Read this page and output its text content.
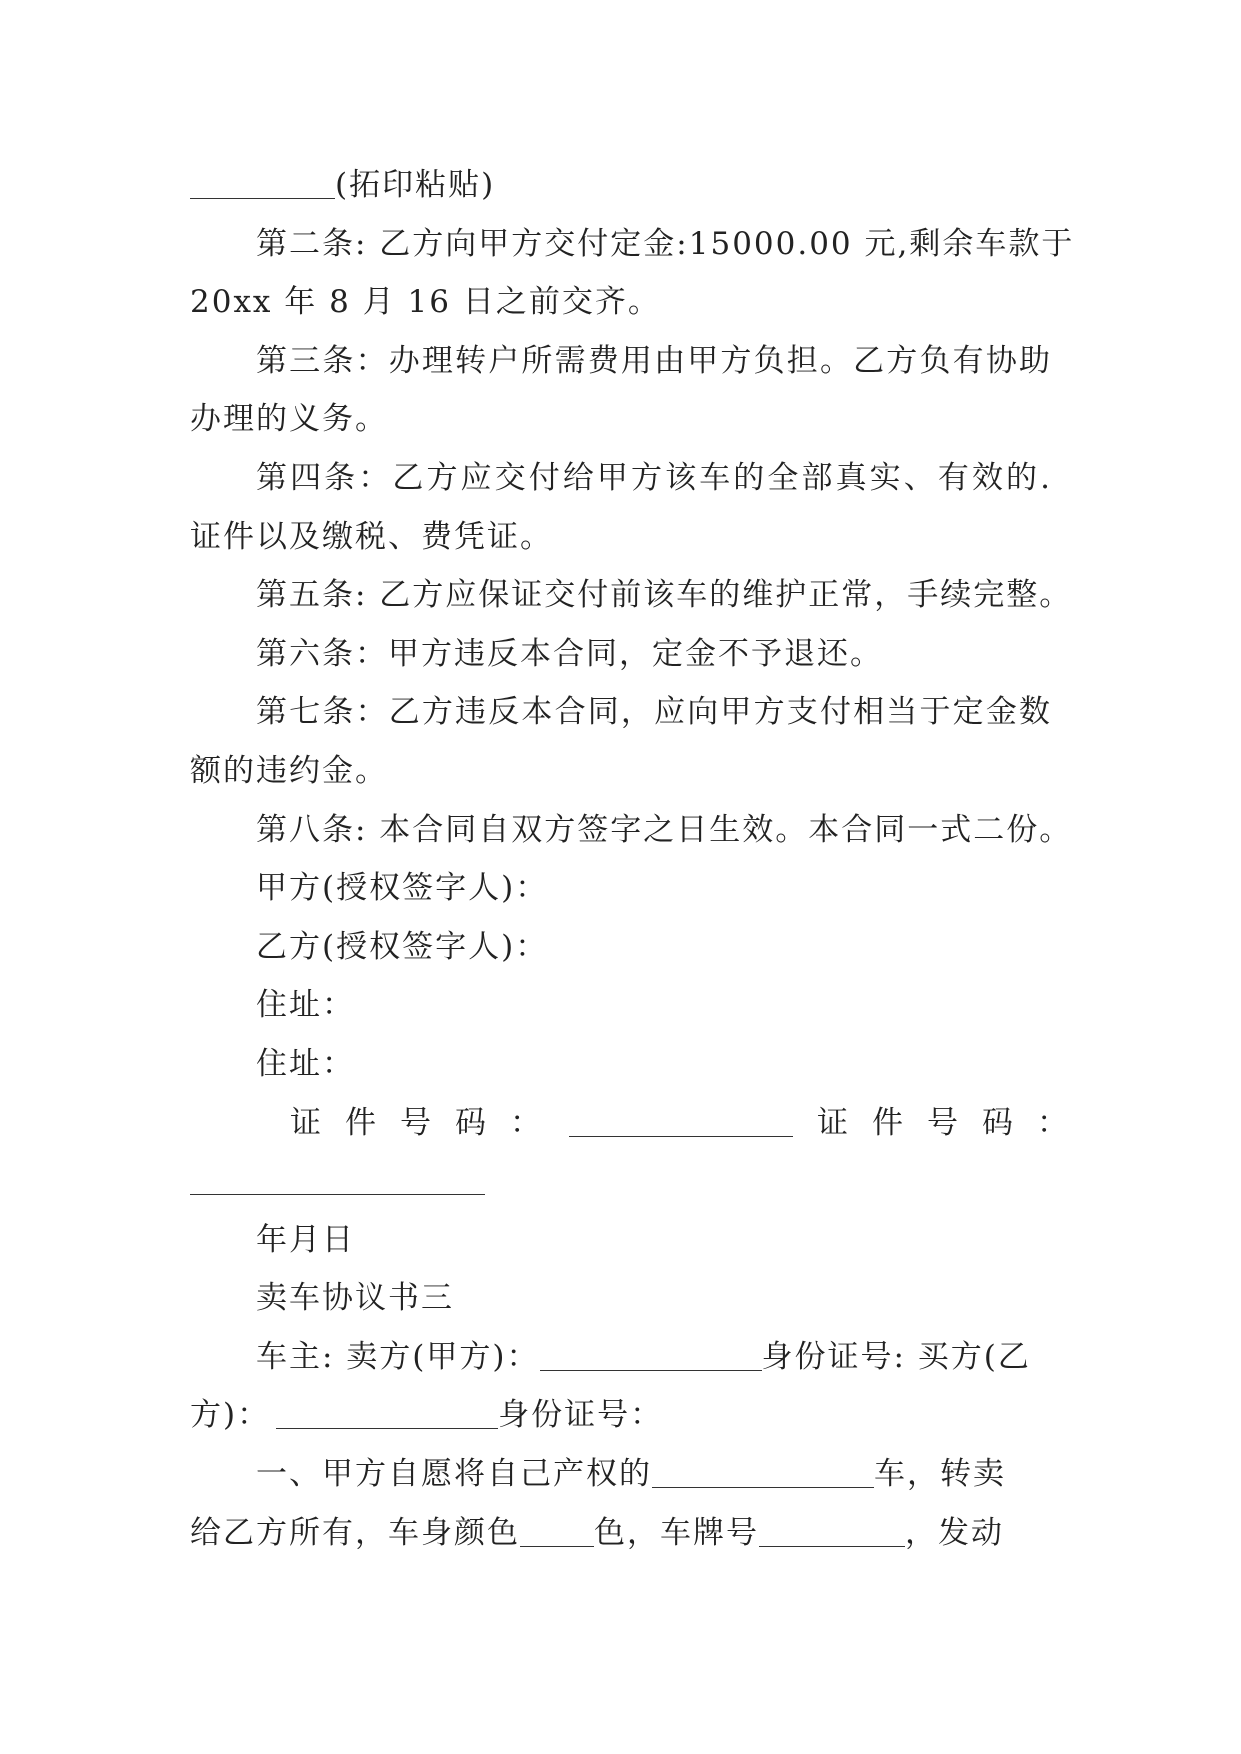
(拓印粘贴)
第二条: 乙方向甲方交付定金:15000.00 元,剩余车款于
20xx 年 8 月 16 日之前交齐。
第三条：办理转户所需费用由甲方负担。乙方负有协助
办理的义务。
第四条：乙方应交付给甲方该车的全部真实、有效的.
证件以及缴税、费凭证。
第五条: 乙方应保证交付前该车的维护正常，手续完整。
第六条：甲方违反本合同，定金不予退还。
第七条：乙方违反本合同，应向甲方支付相当于定金数
额的违约金。
第八条: 本合同自双方签字之日生效。本合同一式二份。
甲方(授权签字人)：
乙方(授权签字人)：
住址：
住址：
证件号码：	证件号码：
年月日
卖车协议书三
车主: 卖方(甲方)：	身份证号: 买方(乙
方)：	身份证号：
一、甲方自愿将自己产权的	车，转卖
给乙方所有，车身颜色 色，车牌号	，发动
